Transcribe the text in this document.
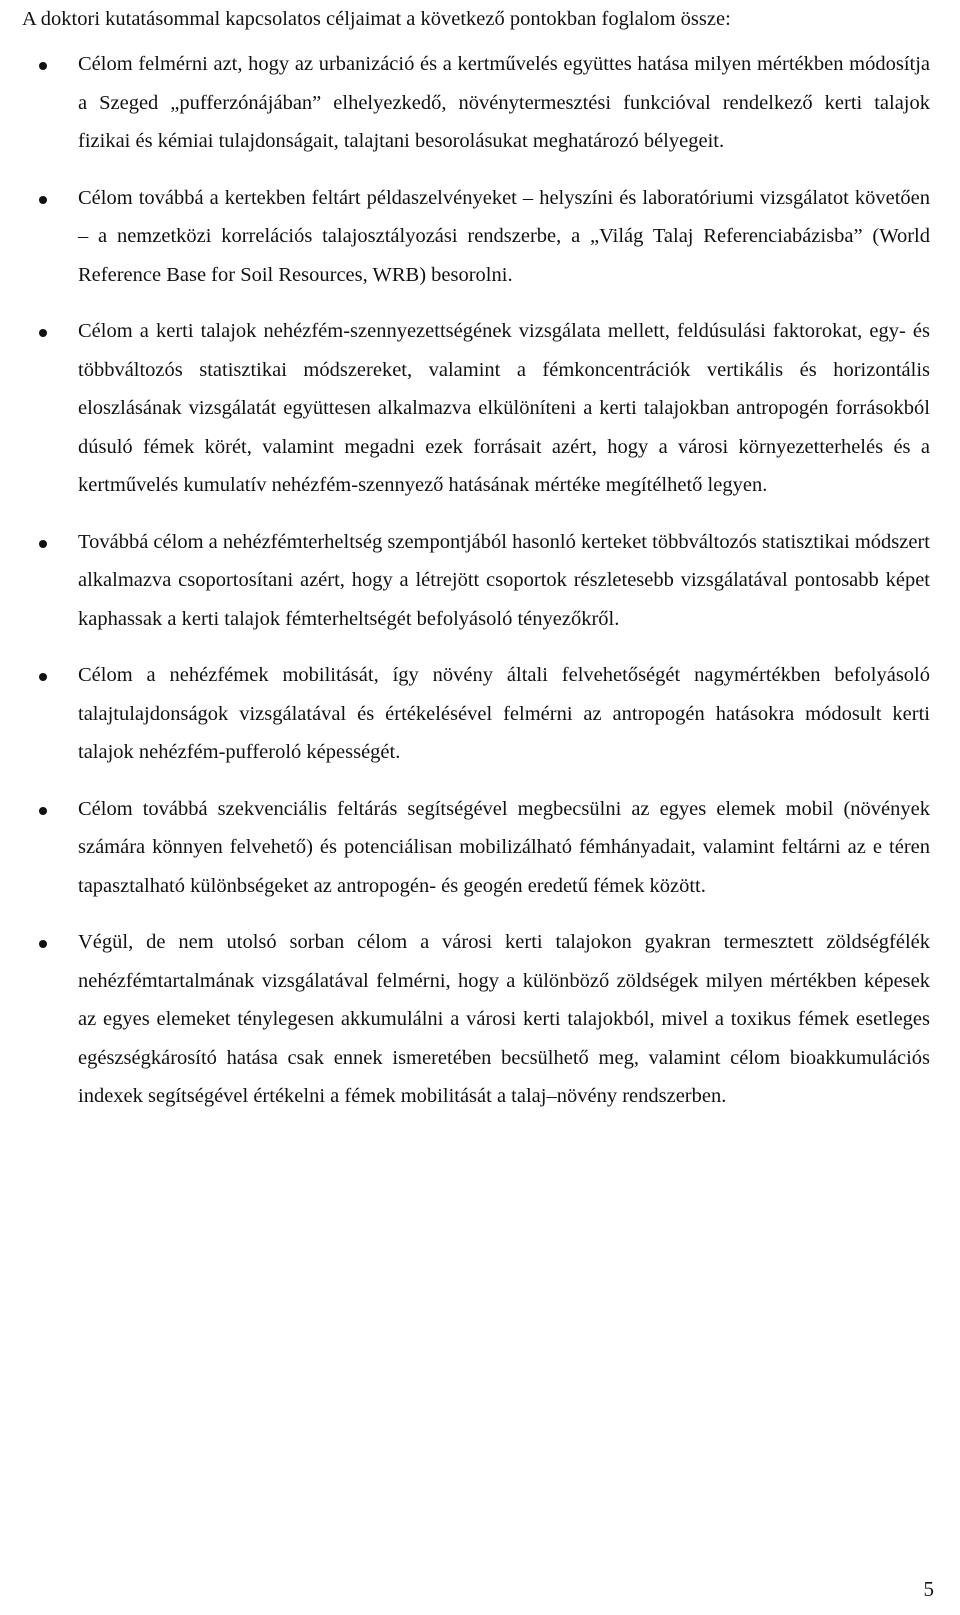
A doktori kutatásommal kapcsolatos céljaimat a következő pontokban foglalom össze:

Célom felmérni azt, hogy az urbanizáció és a kertművelés együttes hatása milyen mértékben módosítja a Szeged „pufferzónájában” elhelyezkedő, növénytermesztési funkcióval rendelkező kerti talajok fizikai és kémiai tulajdonságait, talajtani besorolásukat meghatározó bélyegeit.

Célom továbbá a kertekben feltárt példaszelvényeket – helyszíni és laboratóriumi vizsgálatot követően – a nemzetközi korrelációs talajosztályozási rendszerbe, a „Világ Talaj Referenciabázisba” (World Reference Base for Soil Resources, WRB) besorolni.

Célom a kerti talajok nehézfém-szennyezettségének vizsgálata mellett, feldúsulási faktorokat, egy- és többváltozós statisztikai módszereket, valamint a fémkoncentrációk vertikális és horizontális eloszlásának vizsgálatát együttesen alkalmazva elkülöníteni a kerti talajokban antropogén forrásokból dúsuló fémek körét, valamint megadni ezek forrásait azért, hogy a városi környezetterhelés és a kertművelés kumulatív nehézfém-szennyező hatásának mértéke megítélhető legyen.

Továbbá célom a nehézfémterheltség szempontjából hasonló kerteket többváltozós statisztikai módszert alkalmazva csoportosítani azért, hogy a létrejött csoportok részletesebb vizsgálatával pontosabb képet kaphassak a kerti talajok fémterheltségét befolyásoló tényezőkről.

Célom a nehézfémek mobilitását, így növény általi felvehetőségét nagymértékben befolyásoló talajtulajdonságok vizsgálatával és értékelésével felmérni az antropogén hatásokra módosult kerti talajok nehézfém-pufferoló képességét.

Célom továbbá szekvenciális feltárás segítségével megbecsülni az egyes elemek mobil (növények számára könnyen felvehető) és potenciálisan mobilizálható fémhányadait, valamint feltárni az e téren tapasztalható különbségeket az antropogén- és geogén eredetű fémek között.

Végül, de nem utolsó sorban célom a városi kerti talajokon gyakran termesztett zöldségfélék nehézfémtartalmának vizsgálatával felmérni, hogy a különböző zöldségek milyen mértékben képesek az egyes elemeket ténylegesen akkumulálni a városi kerti talajokból, mivel a toxikus fémek esetleges egészségkárosító hatása csak ennek ismeretében becsülhető meg, valamint célom bioakkumulációs indexek segítségével értékelni a fémek mobilitását a talaj–növény rendszerben.

5
